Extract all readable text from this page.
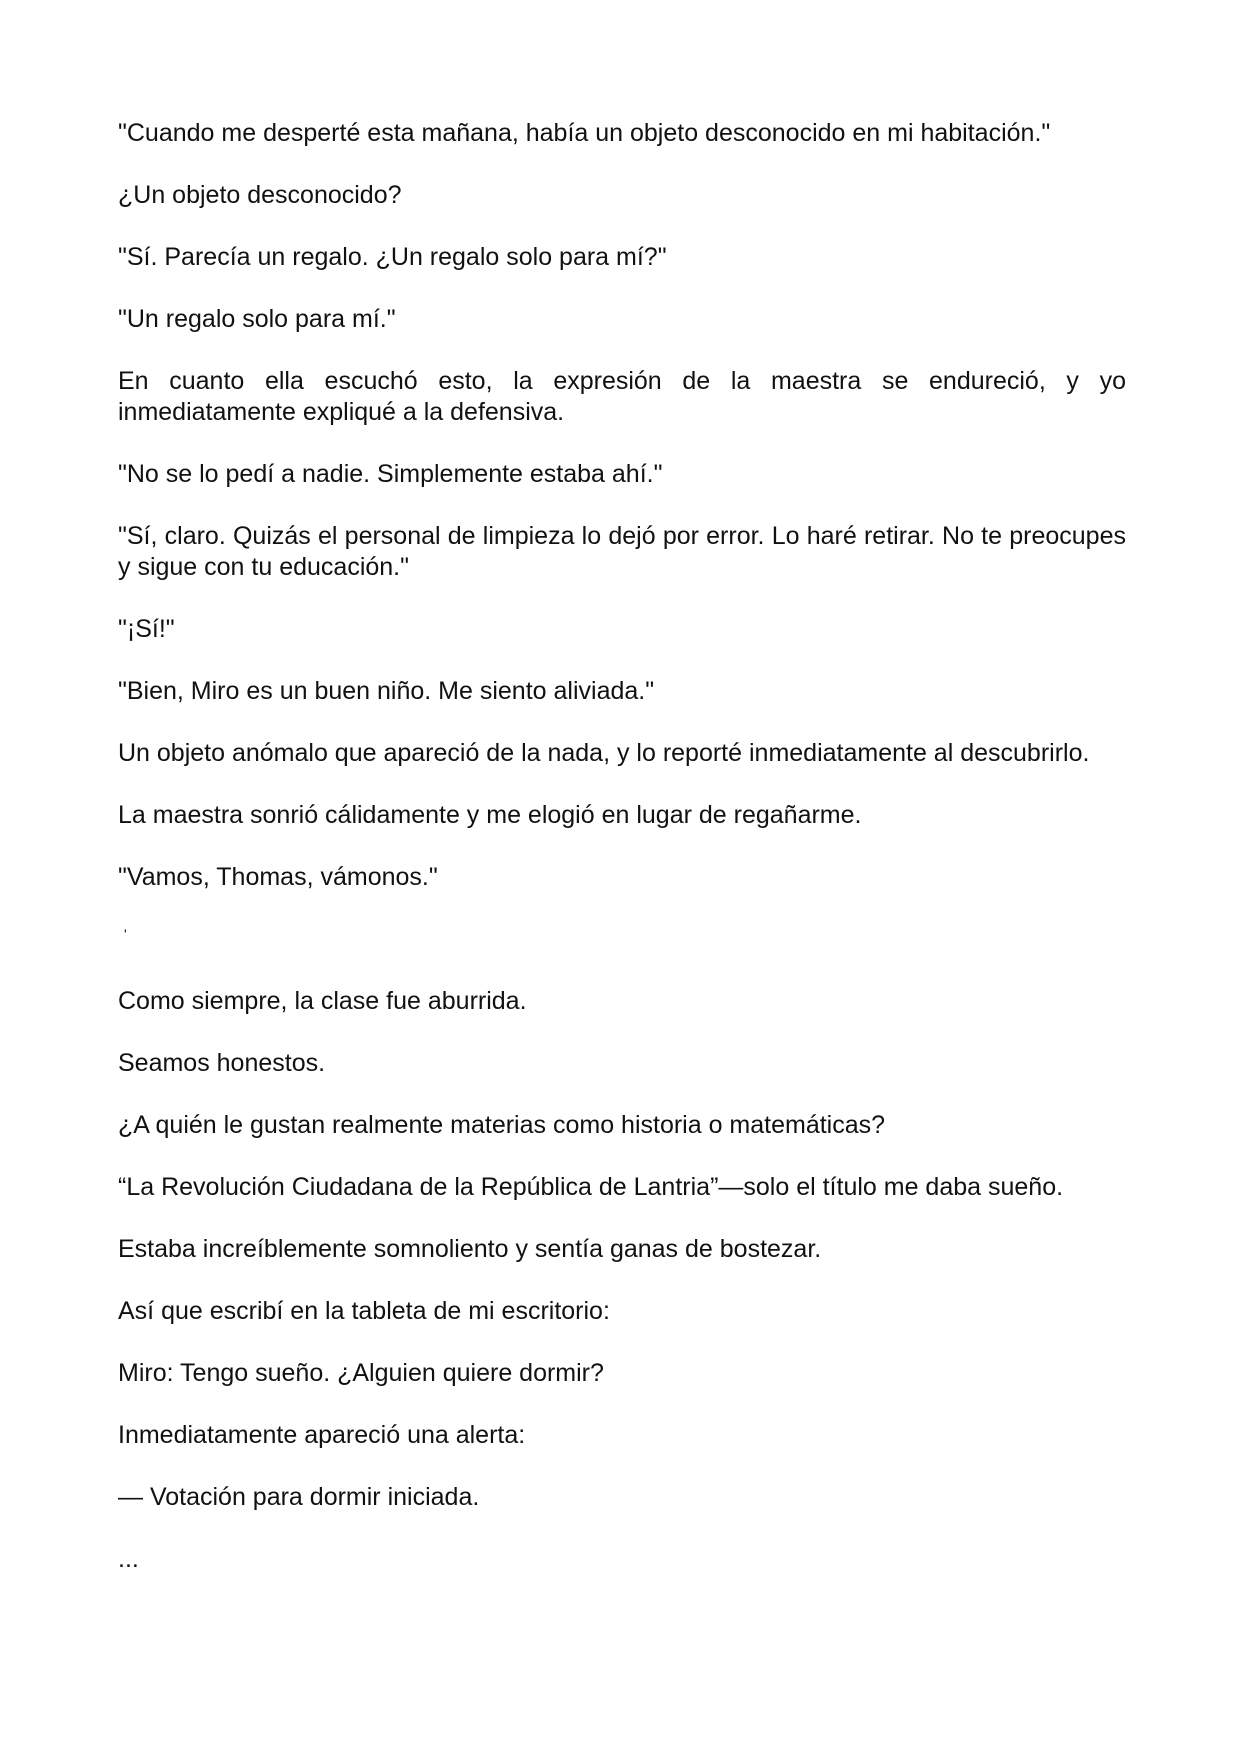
"Cuando me desperté esta mañana, había un objeto desconocido en mi habitación."

¿Un objeto desconocido?

"Sí. Parecía un regalo. ¿Un regalo solo para mí?"

"Un regalo solo para mí."

En cuanto ella escuchó esto, la expresión de la maestra se endureció, y yo inmediatamente expliqué a la defensiva.

"No se lo pedí a nadie. Simplemente estaba ahí."

"Sí, claro. Quizás el personal de limpieza lo dejó por error. Lo haré retirar. No te preocupes y sigue con tu educación."

"¡Sí!"

"Bien, Miro es un buen niño. Me siento aliviada."

Un objeto anómalo que apareció de la nada, y lo reporté inmediatamente al descubrirlo.

La maestra sonrió cálidamente y me elogió en lugar de regañarme.

"Vamos, Thomas, vámonos."

'

Como siempre, la clase fue aburrida.

Seamos honestos.

¿A quién le gustan realmente materias como historia o matemáticas?

“La Revolución Ciudadana de la República de Lantria”—solo el título me daba sueño.

Estaba increíblemente somnoliento y sentía ganas de bostezar.

Así que escribí en la tableta de mi escritorio:

Miro: Tengo sueño. ¿Alguien quiere dormir?

Inmediatamente apareció una alerta:

— Votación para dormir iniciada.

...
